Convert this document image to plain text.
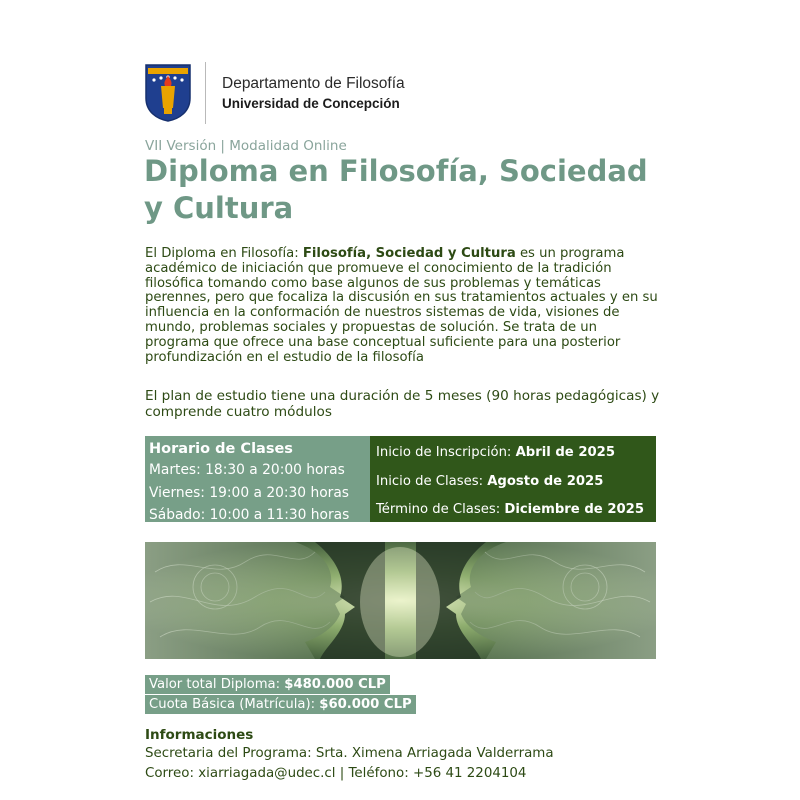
Departamento de Filosofía
Universidad de Concepción
VII Versión | Modalidad Online
Diploma en Filosofía, Sociedad y Cultura

El Diploma en Filosofía: Filosofía, Sociedad y Cultura es un programa académico de iniciación que promueve el conocimiento de la tradición filosófica tomando como base algunos de sus problemas y temáticas perennes, pero que focaliza la discusión en sus tratamientos actuales y en su influencia en la conformación de nuestros sistemas de vida, visiones de mundo, problemas sociales y propuestas de solución. Se trata de un programa que ofrece una base conceptual suficiente para una posterior profundización en el estudio de la filosofía

El plan de estudio tiene una duración de 5 meses (90 horas pedagógicas) y comprende cuatro módulos

Horario de Clases
Martes: 18:30 a 20:00 horas
Viernes: 19:00 a 20:30 horas
Sábado: 10:00 a 11:30 horas
Inicio de Inscripción: Abril de 2025
Inicio de Clases: Agosto de 2025
Término de Clases: Diciembre de 2025
Valor total Diploma: $480.000 CLP
Cuota Básica (Matrícula): $60.000 CLP
Informaciones
Secretaria del Programa: Srta. Ximena Arriagada Valderrama
Correo: xiarriagada@udec.cl | Teléfono: +56 41 2204104
